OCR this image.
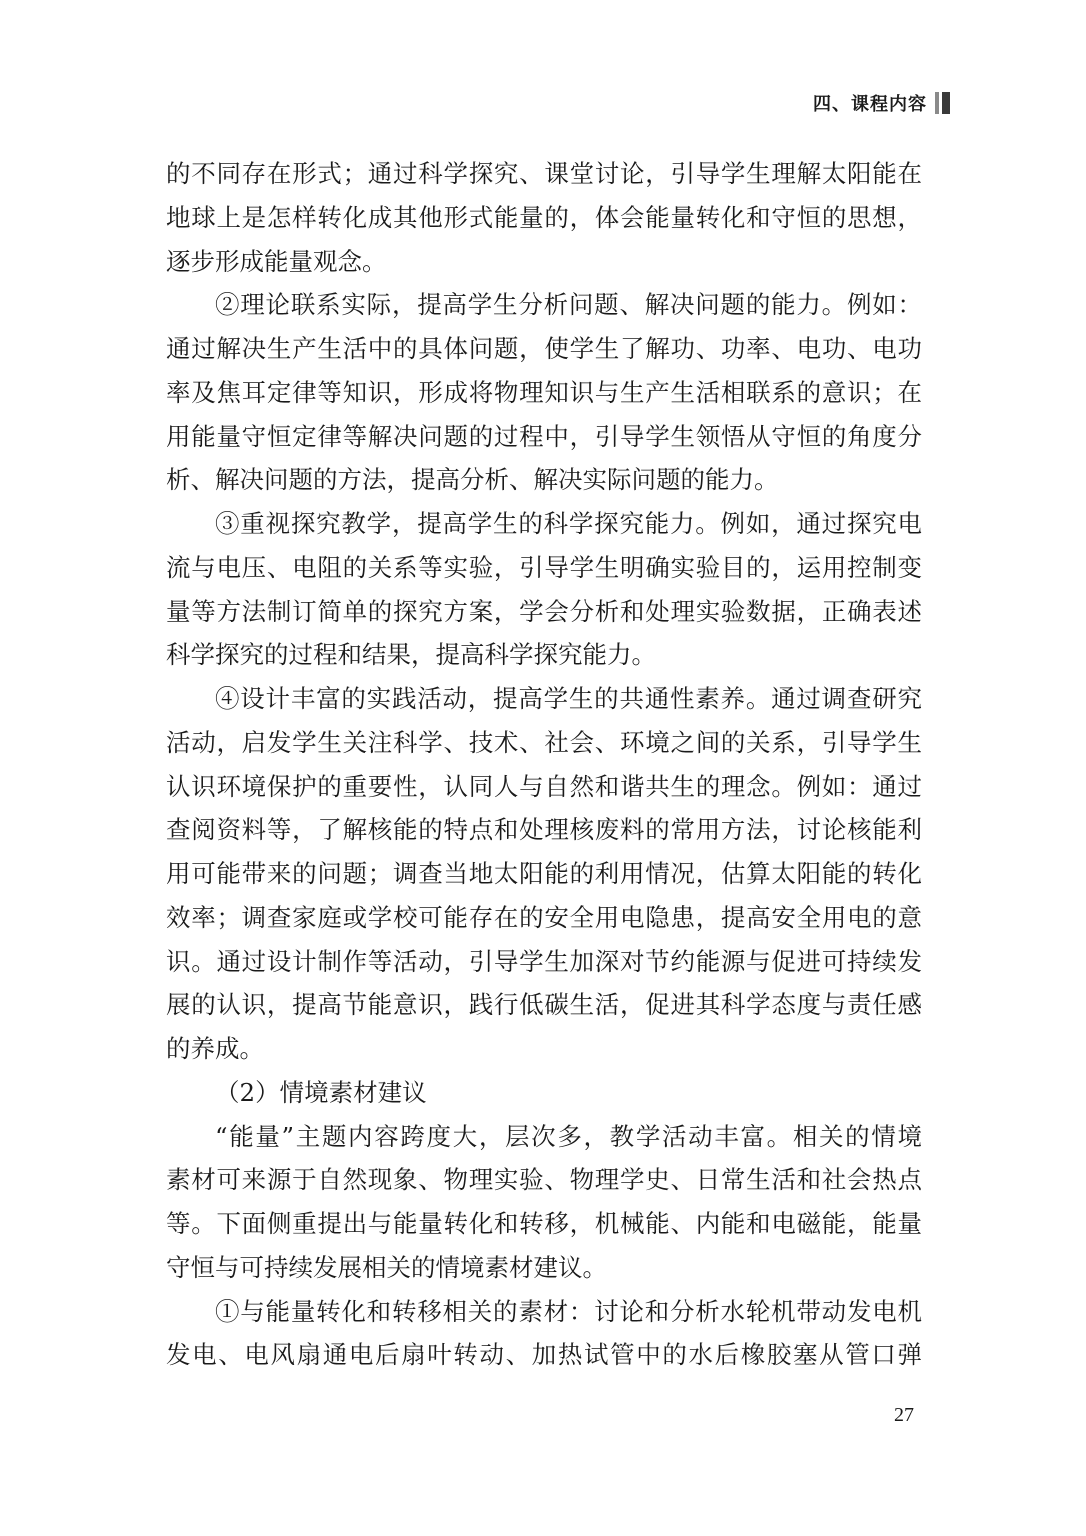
四、课程内容
的不同存在形式；通过科学探究、课堂讨论，引导学生理解太阳能在
地球上是怎样转化成其他形式能量的，体会能量转化和守恒的思想，
逐步形成能量观念。
②理论联系实际，提高学生分析问题、解决问题的能力。例如：
通过解决生产生活中的具体问题，使学生了解功、功率、电功、电功
率及焦耳定律等知识，形成将物理知识与生产生活相联系的意识；在
用能量守恒定律等解决问题的过程中，引导学生领悟从守恒的角度分
析、解决问题的方法，提高分析、解决实际问题的能力。
③重视探究教学，提高学生的科学探究能力。例如，通过探究电
流与电压、电阻的关系等实验，引导学生明确实验目的，运用控制变
量等方法制订简单的探究方案，学会分析和处理实验数据，正确表述
科学探究的过程和结果，提高科学探究能力。
④设计丰富的实践活动，提高学生的共通性素养。通过调查研究
活动，启发学生关注科学、技术、社会、环境之间的关系，引导学生
认识环境保护的重要性，认同人与自然和谐共生的理念。例如：通过
查阅资料等，了解核能的特点和处理核废料的常用方法，讨论核能利
用可能带来的问题；调查当地太阳能的利用情况，估算太阳能的转化
效率；调查家庭或学校可能存在的安全用电隐患，提高安全用电的意
识。通过设计制作等活动，引导学生加深对节约能源与促进可持续发
展的认识，提高节能意识，践行低碳生活，促进其科学态度与责任感
的养成。
（2）情境素材建议
“能量”主题内容跨度大，层次多，教学活动丰富。相关的情境
素材可来源于自然现象、物理实验、物理学史、日常生活和社会热点
等。下面侧重提出与能量转化和转移，机械能、内能和电磁能，能量
守恒与可持续发展相关的情境素材建议。
①与能量转化和转移相关的素材：讨论和分析水轮机带动发电机
发电、电风扇通电后扇叶转动、加热试管中的水后橡胶塞从管口弹
27
